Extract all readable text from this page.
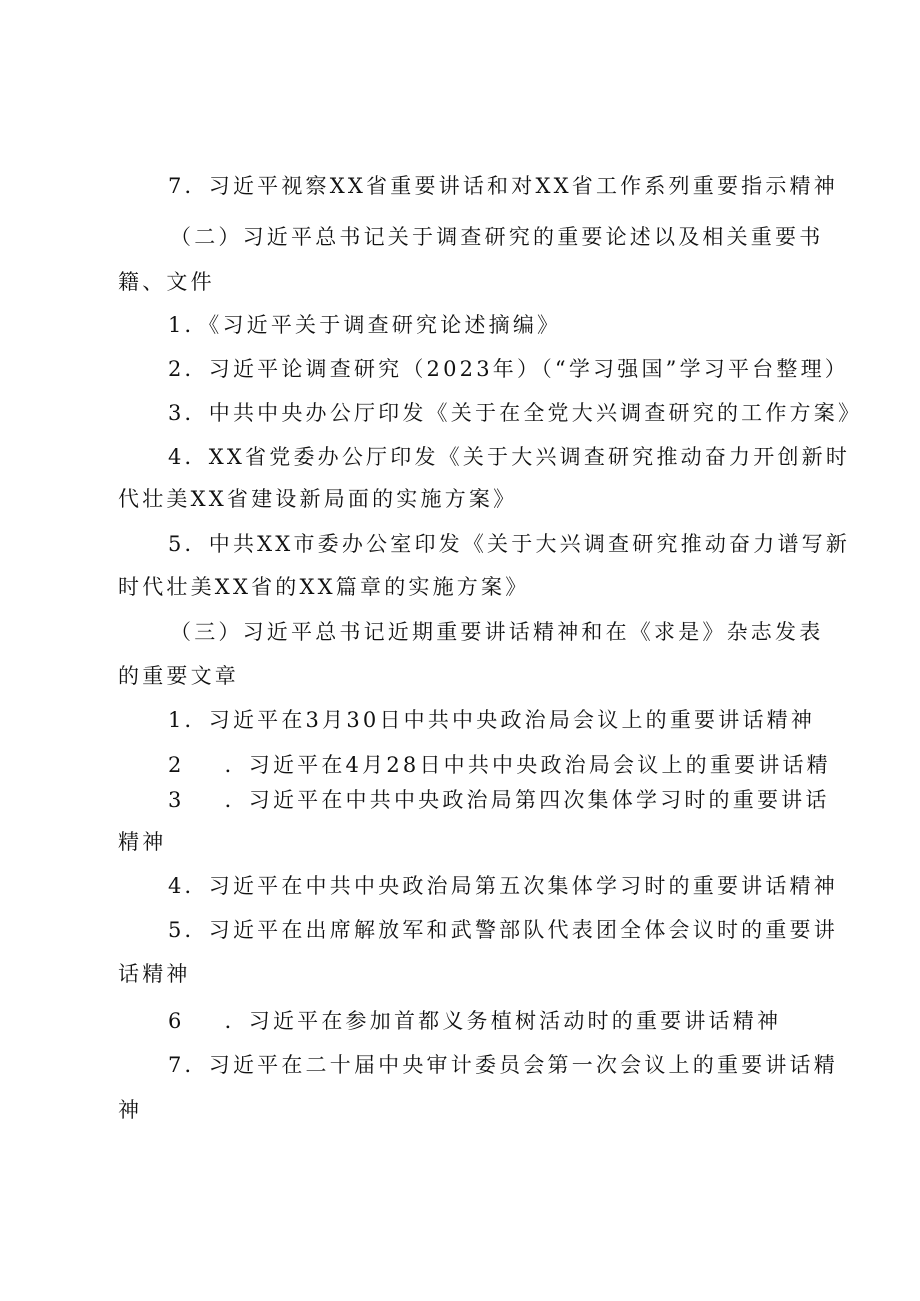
7．习近平视察XX省重要讲话和对XX省工作系列重要指示精神
（二）习近平总书记关于调查研究的重要论述以及相关重要书
籍、文件
1．《习近平关于调查研究论述摘编》
2．习近平论调查研究（2023年）（“学习强国”学习平台整理）
3．中共中央办公厅印发《关于在全党大兴调查研究的工作方案》
4．XX省党委办公厅印发《关于大兴调查研究推动奋力开创新时
代壮美XX省建设新局面的实施方案》
5．中共XX市委办公室印发《关于大兴调查研究推动奋力谱写新
时代壮美XX省的XX篇章的实施方案》
（三）习近平总书记近期重要讲话精神和在《求是》杂志发表
的重要文章
1．习近平在3月30日中共中央政治局会议上的重要讲话精神
2 ．习近平在4月28日中共中央政治局会议上的重要讲话精
3 ．习近平在中共中央政治局第四次集体学习时的重要讲话
精神
4．习近平在中共中央政治局第五次集体学习时的重要讲话精神
5．习近平在出席解放军和武警部队代表团全体会议时的重要讲
话精神
6 ．习近平在参加首都义务植树活动时的重要讲话精神
7．习近平在二十届中央审计委员会第一次会议上的重要讲话精
神
